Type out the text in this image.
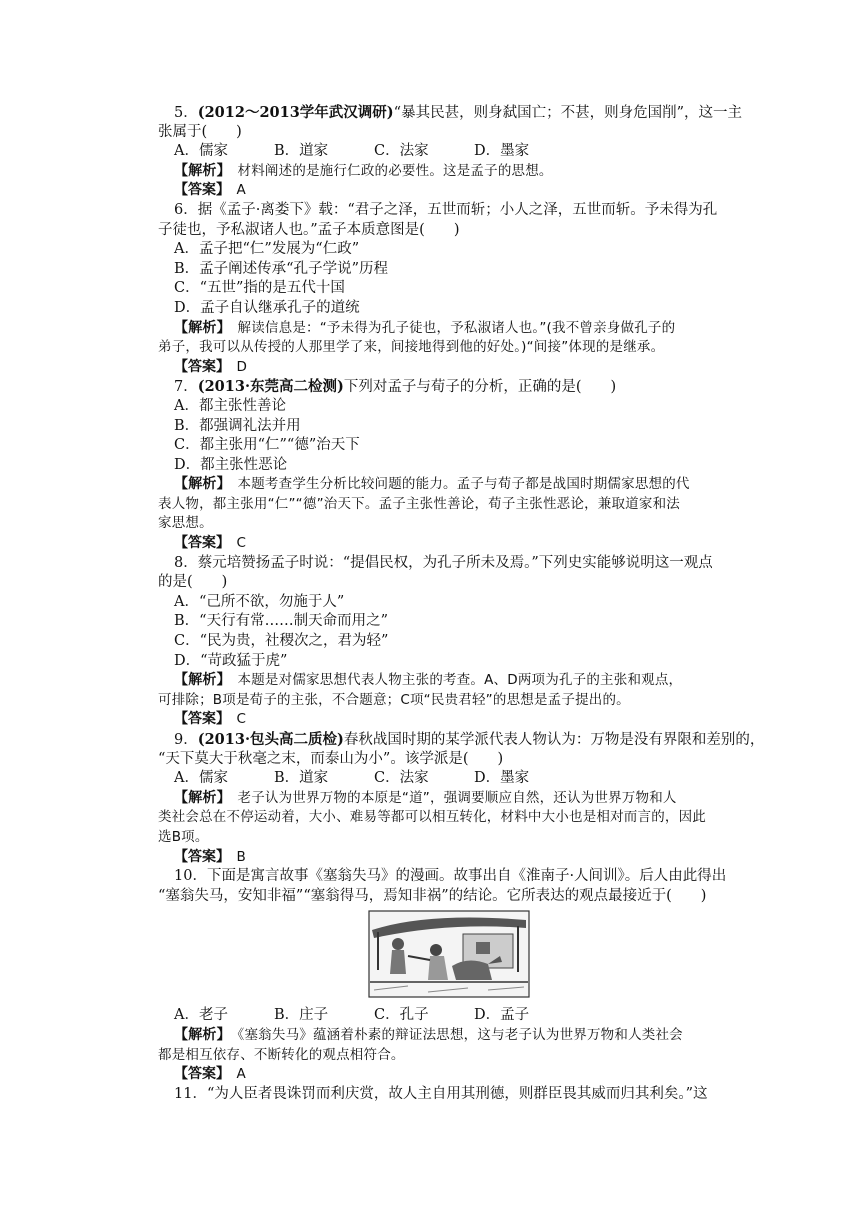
5．(2012～2013学年武汉调研)“暴其民甚，则身弑国亡；不甚，则身危国削”，这一主
张属于(　　)
A．儒家	B．道家	C．法家	D．墨家
【解析】　 材料阐述的是施行仁政的必要性。这是孟子的思想。
【答案】　 A
6．据《孟子·离娄下》载：“君子之泽，五世而斩；小人之泽，五世而斩。予未得为孔
子徒也，予私淑诸人也。”孟子本质意图是(　　)
A．孟子把“仁”发展为“仁政”
B．孟子阐述传承“孔子学说”历程
C．“五世”指的是五代十国
D．孟子自认继承孔子的道统
【解析】　 解读信息是：“予未得为孔子徒也，予私淑诸人也。”(我不曾亲身做孔子的
弟子，我可以从传授的人那里学了来，间接地得到他的好处。)“间接”体现的是继承。
【答案】　 D
7．(2013·东莞高二检测)下列对孟子与荀子的分析，正确的是(　　)
A．都主张性善论
B．都强调礼法并用
C．都主张用“仁”“德”治天下
D．都主张性恶论
【解析】　 本题考查学生分析比较问题的能力。孟子与荀子都是战国时期儒家思想的代
表人物，都主张用“仁”“德”治天下。孟子主张性善论，荀子主张性恶论，兼取道家和法
家思想。
【答案】　 C
8．蔡元培赞扬孟子时说：“提倡民权，为孔子所未及焉。”下列史实能够说明这一观点
的是(　　)
A．“己所不欲，勿施于人”
B．“天行有常……制天命而用之”
C．“民为贵，社稷次之，君为轻”
D．“苛政猛于虎”
【解析】　 本题是对儒家思想代表人物主张的考查。A、D两项为孔子的主张和观点，
可排除；B项是荀子的主张，不合题意；C项“民贵君轻”的思想是孟子提出的。
【答案】　 C
9．(2013·包头高二质检)春秋战国时期的某学派代表人物认为：万物是没有界限和差别的，
“天下莫大于秋毫之末，而泰山为小”。该学派是(　　)
A．儒家	B．道家	C．法家	D．墨家
【解析】　 老子认为世界万物的本原是“道”，强调要顺应自然，还认为世界万物和人
类社会总在不停运动着，大小、难易等都可以相互转化，材料中大小也是相对而言的，因此
选B项。
【答案】　 B
10．下面是寓言故事《塞翁失马》的漫画。故事出自《淮南子·人间训》。后人由此得出
“塞翁失马，安知非福”“塞翁得马，焉知非祸”的结论。它所表达的观点最接近于(　　)
A．老子	B．庄子	C．孔子	D．孟子
【解析】　 《塞翁失马》蕴涵着朴素的辩证法思想，这与老子认为世界万物和人类社会
都是相互依存、不断转化的观点相符合。
【答案】　 A
11．“为人臣者畏诛罚而利庆赏，故人主自用其刑德，则群臣畏其威而归其利矣。”这
